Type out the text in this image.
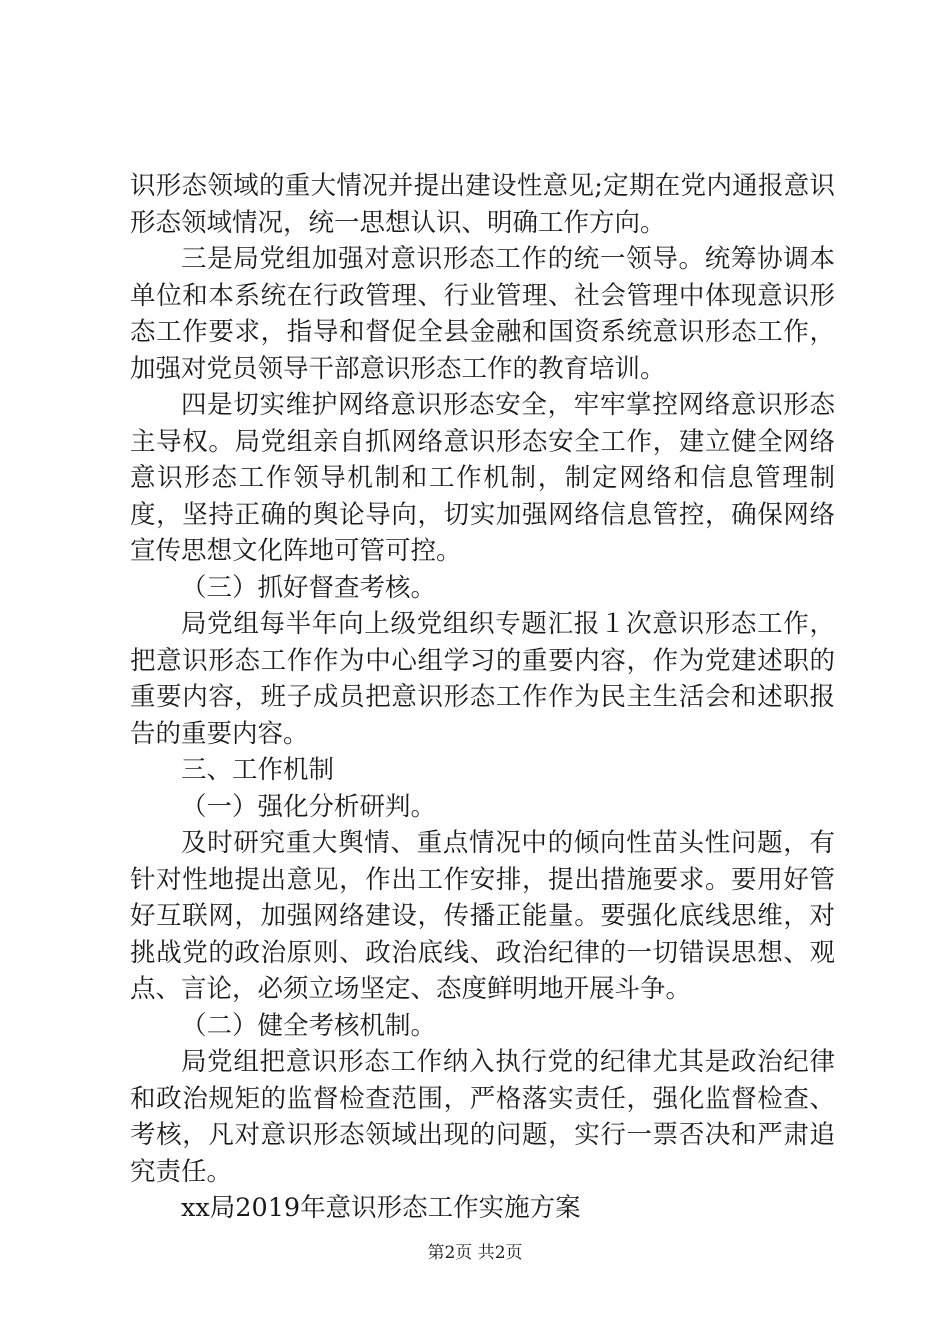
识形态领域的重大情况并提出建设性意见;定期在党内通报意识形态领域情况，统一思想认识、明确工作方向。

三是局党组加强对意识形态工作的统一领导。统筹协调本单位和本系统在行政管理、行业管理、社会管理中体现意识形态工作要求，指导和督促全县金融和国资系统意识形态工作，加强对党员领导干部意识形态工作的教育培训。

四是切实维护网络意识形态安全，牢牢掌控网络意识形态主导权。局党组亲自抓网络意识形态安全工作，建立健全网络意识形态工作领导机制和工作机制，制定网络和信息管理制度，坚持正确的舆论导向，切实加强网络信息管控，确保网络宣传思想文化阵地可管可控。

（三）抓好督查考核。

局党组每半年向上级党组织专题汇报１次意识形态工作，把意识形态工作作为中心组学习的重要内容，作为党建述职的重要内容，班子成员把意识形态工作作为民主生活会和述职报告的重要内容。

三、工作机制

（一）强化分析研判。

及时研究重大舆情、重点情况中的倾向性苗头性问题，有针对性地提出意见，作出工作安排，提出措施要求。要用好管好互联网，加强网络建设，传播正能量。要强化底线思维，对挑战党的政治原则、政治底线、政治纪律的一切错误思想、观点、言论，必须立场坚定、态度鲜明地开展斗争。

（二）健全考核机制。

局党组把意识形态工作纳入执行党的纪律尤其是政治纪律和政治规矩的监督检查范围，严格落实责任，强化监督检查、考核，凡对意识形态领域出现的问题，实行一票否决和严肃追究责任。

xx局2019年意识形态工作实施方案

第2页 共2页
